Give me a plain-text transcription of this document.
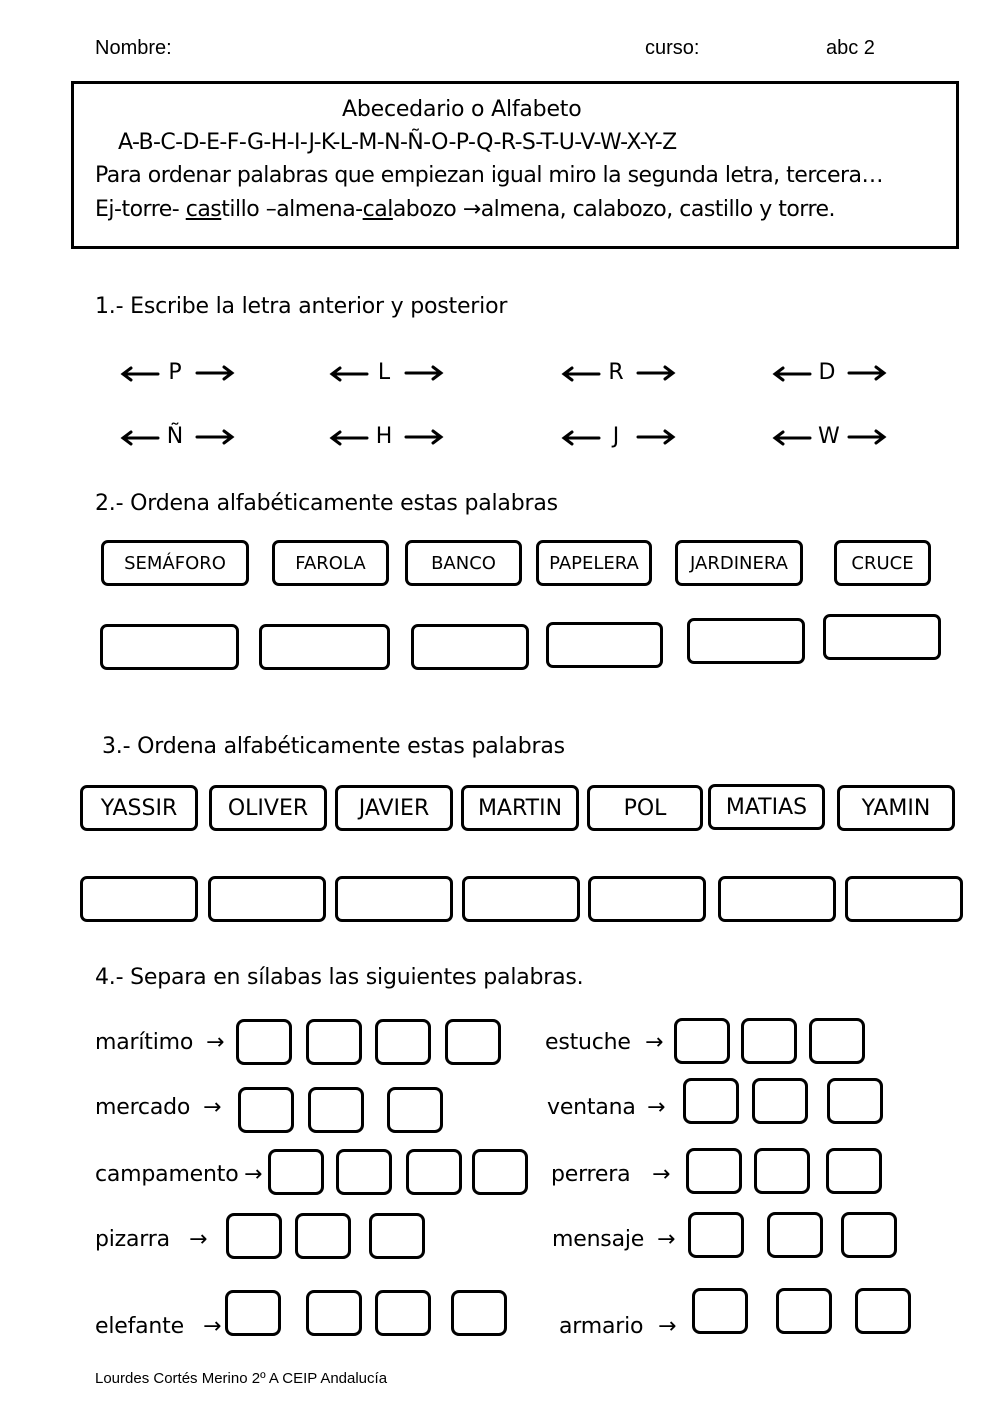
Nombre:	curso:	abc 2
Abecedario o Alfabeto
A-B-C-D-E-F-G-H-I-J-K-L-M-N-Ñ-O-P-Q-R-S-T-U-V-W-X-Y-Z
Para ordenar palabras que empiezan igual miro la segunda letra, tercera…
Ej-torre- castillo –almena-calabozo →almena, calabozo, castillo y torre.
1.- Escribe la letra anterior y posterior
P	L	R	D
Ñ	H	J	W
2.- Ordena alfabéticamente estas palabras
SEMÁFORO	FAROLA	BANCO	PAPELERA	JARDINERA	CRUCE
3.- Ordena alfabéticamente estas palabras
YASSIR	OLIVER	JAVIER	MARTIN	POL	MATIAS	YAMIN
4.- Separa en sílabas las siguientes palabras.
marítimo →
mercado →
campamento →
pizarra →
elefante →
estuche →
ventana →
perrera →
mensaje →
armario →
Lourdes Cortés Merino 2º A CEIP Andalucía
